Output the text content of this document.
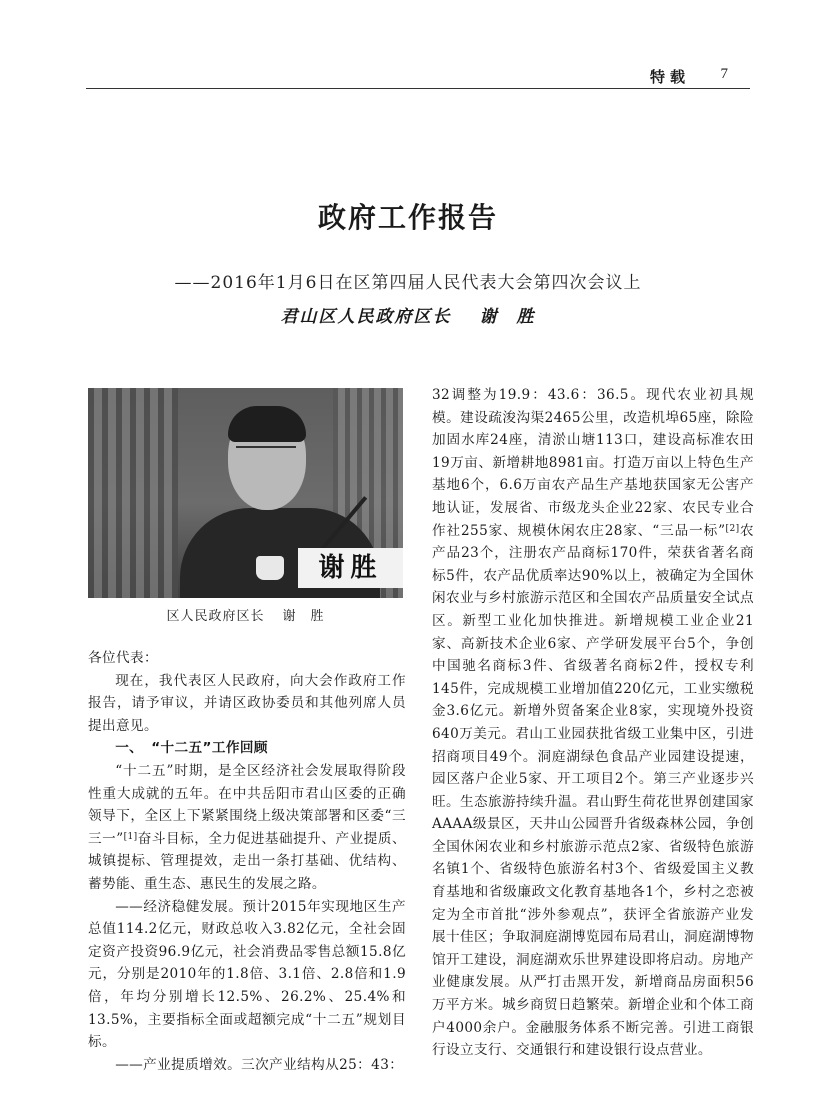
特载 7
政府工作报告
——2016年1月6日在区第四届人民代表大会第四次会议上
君山区人民政府区长 谢 胜
谢胜
区人民政府区长 谢 胜

各位代表：

现在，我代表区人民政府，向大会作政府工作报告，请予审议，并请区政协委员和其他列席人员提出意见。

一、 “十二五”工作回顾

“十二五”时期，是全区经济社会发展取得阶段性重大成就的五年。在中共岳阳市君山区委的正确领导下，全区上下紧紧围绕上级决策部署和区委“三三一”[1]奋斗目标，全力促进基础提升、产业提质、城镇提标、管理提效，走出一条打基础、优结构、蓄势能、重生态、惠民生的发展之路。

——经济稳健发展。预计2015年实现地区生产总值114.2亿元，财政总收入3.82亿元，全社会固定资产投资96.9亿元，社会消费品零售总额15.8亿元，分别是2010年的1.8倍、3.1倍、2.8倍和1.9倍，年均分别增长12.5%、26.2%、25.4%和13.5%，主要指标全面或超额完成“十二五”规划目标。

——产业提质增效。三次产业结构从25：43：

32调整为19.9：43.6：36.5。现代农业初具规模。建设疏浚沟渠2465公里，改造机埠65座，除险加固水库24座，清淤山塘113口，建设高标准农田19万亩、新增耕地8981亩。打造万亩以上特色生产基地6个，6.6万亩农产品生产基地获国家无公害产地认证，发展省、市级龙头企业22家、农民专业合作社255家、规模休闲农庄28家、“三品一标”[2]农产品23个，注册农产品商标170件，荣获省著名商标5件，农产品优质率达90%以上，被确定为全国休闲农业与乡村旅游示范区和全国农产品质量安全试点区。新型工业化加快推进。新增规模工业企业21家、高新技术企业6家、产学研发展平台5个，争创中国驰名商标3件、省级著名商标2件，授权专利145件，完成规模工业增加值220亿元，工业实缴税金3.6亿元。新增外贸备案企业8家，实现境外投资640万美元。君山工业园获批省级工业集中区，引进招商项目49个。洞庭湖绿色食品产业园建设提速，园区落户企业5家、开工项目2个。第三产业逐步兴旺。生态旅游持续升温。君山野生荷花世界创建国家AAAA级景区，天井山公园晋升省级森林公园，争创全国休闲农业和乡村旅游示范点2家、省级特色旅游名镇1个、省级特色旅游名村3个、省级爱国主义教育基地和省级廉政文化教育基地各1个，乡村之恋被定为全市首批“涉外参观点”，获评全省旅游产业发展十佳区；争取洞庭湖博览园布局君山，洞庭湖博物馆开工建设，洞庭湖欢乐世界建设即将启动。房地产业健康发展。从严打击黑开发，新增商品房面积56万平方米。城乡商贸日趋繁荣。新增企业和个体工商户4000余户。金融服务体系不断完善。引进工商银行设立支行、交通银行和建设银行设点营业。
